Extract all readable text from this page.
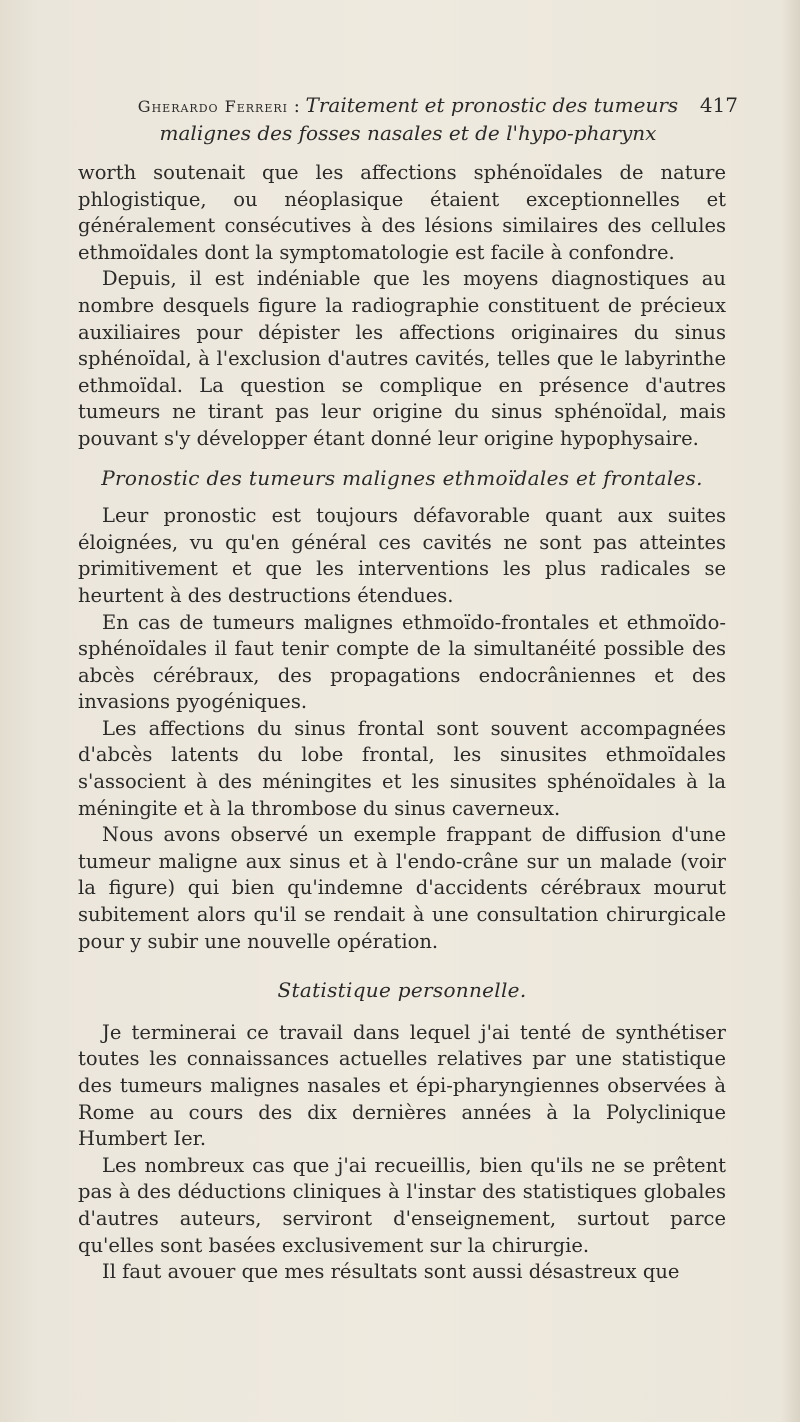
Gherardo Ferreri : Traitement et pronostic des tumeurs
malignes des fosses nasales et de l'hypo-pharynx
417

worth soutenait que les affections sphénoïdales de nature phlogistique, ou néoplasique étaient exceptionnelles et généralement consécutives à des lésions similaires des cellules ethmoïdales dont la symptomatologie est facile à confondre.

Depuis, il est indéniable que les moyens diagnostiques au nombre desquels figure la radiographie constituent de précieux auxiliaires pour dépister les affections originaires du sinus sphénoïdal, à l'exclusion d'autres cavités, telles que le labyrinthe ethmoïdal. La question se complique en présence d'autres tumeurs ne tirant pas leur origine du sinus sphénoïdal, mais pouvant s'y développer étant donné leur origine hypophysaire.

Pronostic des tumeurs malignes ethmoïdales et frontales.

Leur pronostic est toujours défavorable quant aux suites éloignées, vu qu'en général ces cavités ne sont pas atteintes primitivement et que les interventions les plus radicales se heurtent à des destructions étendues.

En cas de tumeurs malignes ethmoïdo-frontales et ethmoïdo-sphénoïdales il faut tenir compte de la simultanéité possible des abcès cérébraux, des propagations endocrâniennes et des invasions pyogéniques.

Les affections du sinus frontal sont souvent accompagnées d'abcès latents du lobe frontal, les sinusites ethmoïdales s'associent à des méningites et les sinusites sphénoïdales à la méningite et à la thrombose du sinus caverneux.

Nous avons observé un exemple frappant de diffusion d'une tumeur maligne aux sinus et à l'endo-crâne sur un malade (voir la figure) qui bien qu'indemne d'accidents cérébraux mourut subitement alors qu'il se rendait à une consultation chirurgicale pour y subir une nouvelle opération.

Statistique personnelle.

Je terminerai ce travail dans lequel j'ai tenté de synthétiser toutes les connaissances actuelles relatives par une statistique des tumeurs malignes nasales et épi-pharyngiennes observées à Rome au cours des dix dernières années à la Polyclinique Humbert Ier.

Les nombreux cas que j'ai recueillis, bien qu'ils ne se prêtent pas à des déductions cliniques à l'instar des statistiques globales d'autres auteurs, serviront d'enseignement, surtout parce qu'elles sont basées exclusivement sur la chirurgie.

Il faut avouer que mes résultats sont aussi désastreux que
